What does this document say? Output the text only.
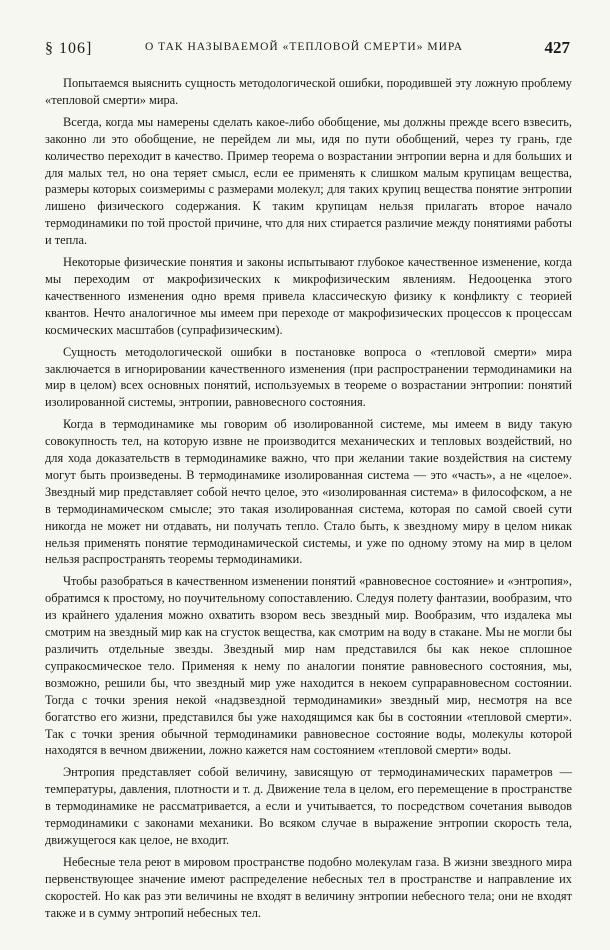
§ 106]	О ТАК НАЗЫВАЕМОЙ «ТЕПЛОВОЙ СМЕРТИ» МИРА	427

Попытаемся выяснить сущность методологической ошибки, породившей эту ложную проблему «тепловой смерти» мира.

Всегда, когда мы намерены сделать какое-либо обобщение, мы должны прежде всего взвесить, законно ли это обобщение, не перейдем ли мы, идя по пути обобщений, через ту грань, где количество переходит в качество. Пример теорема о возрастании энтропии верна и для больших и для малых тел, но она теряет смысл, если ее применять к слишком малым крупицам вещества, размеры которых соизмеримы с размерами молекул; для таких крупиц вещества понятие энтропии лишено физического содержания. К таким крупицам нельзя прилагать второе начало термодинамики по той простой причине, что для них стирается различие между понятиями работы и тепла.

Некоторые физические понятия и законы испытывают глубокое качественное изменение, когда мы переходим от макрофизических к микрофизическим явлениям. Недооценка этого качественного изменения одно время привела классическую физику к конфликту с теорией квантов. Нечто аналогичное мы имеем при переходе от макрофизических процессов к процессам космических масштабов (супрафизическим).

Сущность методологической ошибки в постановке вопроса о «тепловой смерти» мира заключается в игнорировании качественного изменения (при распространении термодинамики на мир в целом) всех основных понятий, используемых в теореме о возрастании энтропии: понятий изолированной системы, энтропии, равновесного состояния.

Когда в термодинамике мы говорим об изолированной системе, мы имеем в виду такую совокупность тел, на которую извне не производится механических и тепловых воздействий, но для хода доказательств в термодинамике важно, что при желании такие воздействия на систему могут быть произведены. В термодинамике изолированная система — это «часть», а не «целое». Звездный мир представляет собой нечто целое, это «изолированная система» в философском, а не в термодинамическом смысле; это такая изолированная система, которая по самой своей сути никогда не может ни отдавать, ни получать тепло. Стало быть, к звездному миру в целом никак нельзя применять понятие термодинамической системы, и уже по одному этому на мир в целом нельзя распространять теоремы термодинамики.

Чтобы разобраться в качественном изменении понятий «равновесное состояние» и «энтропия», обратимся к простому, но поучительному сопоставлению. Следуя полету фантазии, вообразим, что из крайнего удаления можно охватить взором весь звездный мир. Вообразим, что издалека мы смотрим на звездный мир как на сгусток вещества, как смотрим на воду в стакане. Мы не могли бы различить отдельные звезды. Звездный мир нам представился бы как некое сплошное супракосмическое тело. Применяя к нему по аналогии понятие равновесного состояния, мы, возможно, решили бы, что звездный мир уже находится в некоем супраравновесном состоянии. Тогда с точки зрения некой «надзвездной термодинамики» звездный мир, несмотря на все богатство его жизни, представился бы уже находящимся как бы в состоянии «тепловой смерти». Так с точки зрения обычной термодинамики равновесное состояние воды, молекулы которой находятся в вечном движении, ложно кажется нам состоянием «тепловой смерти» воды.

Энтропия представляет собой величину, зависящую от термодинамических параметров — температуры, давления, плотности и т. д. Движение тела в целом, его перемещение в пространстве в термодинамике не рассматривается, а если и учитывается, то посредством сочетания выводов термодинамики с законами механики. Во всяком случае в выражение энтропии скорость тела, движущегося как целое, не входит.

Небесные тела реют в мировом пространстве подобно молекулам газа. В жизни звездного мира первенствующее значение имеют распределение небесных тел в пространстве и направление их скоростей. Но как раз эти величины не входят в величину энтропии небесного тела; они не входят также и в сумму энтропий небесных тел.
